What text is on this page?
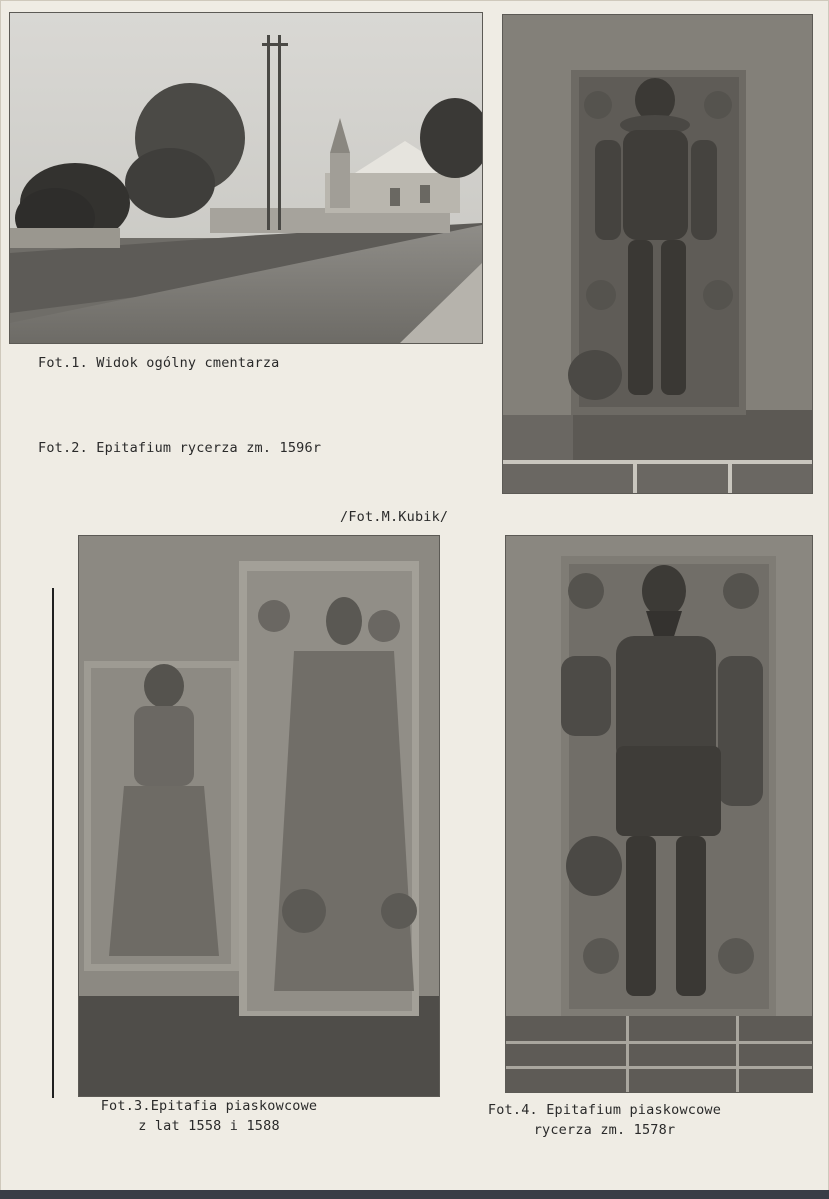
Fot.1. Widok ogólny cmentarza
Fot.2. Epitafium rycerza zm. 1596r
/Fot.M.Kubik/
Fot.3.Epitafia piaskowcowe
z lat 1558 i 1588
Fot.4. Epitafium piaskowcowe
rycerza zm. 1578r
